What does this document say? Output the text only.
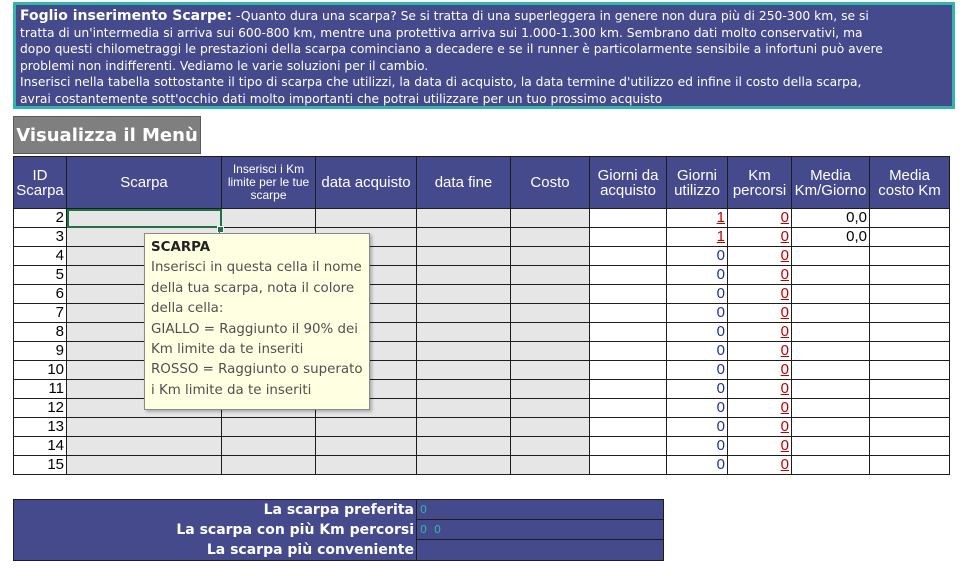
Foglio inserimento Scarpe: -Quanto dura una scarpa? Se si tratta di una superleggera in genere non dura più di 250-300 km, se si
tratta di un'intermedia si arriva sui 600-800 km, mentre una protettiva arriva sui 1.000-1.300 km. Sembrano dati molto conservativi, ma
dopo questi chilometraggi le prestazioni della scarpa cominciano a decadere e se il runner è particolarmente sensibile a infortuni può avere
problemi non indifferenti. Vediamo le varie soluzioni per il cambio.
Inserisci nella tabella sottostante il tipo di scarpa che utilizzi, la data di acquisto, la data termine d'utilizzo ed infine il costo della scarpa,
avrai costantemente sott'occhio dati molto importanti che potrai utilizzare per un tuo prossimo acquisto
Visualizza il Menù
ID Scarpa	Scarpa	Inserisci i Km limite per le tue scarpe	data acquisto	data fine	Costo	Giorni da acquisto	Giorni utilizzo	Km percorsi	Media Km/Giorno	Media costo Km
2							1	0	0,0	
3							1	0	0,0	
4							0	0		
5							0	0		
6							0	0		
7							0	0		
8							0	0		
9							0	0		
10							0	0		
11							0	0		
12							0	0		
13							0	0		
14							0	0		
15							0	0		
SCARPA
Inserisci in questa cella il nome
della tua scarpa, nota il colore
della cella:
GIALLO = Raggiunto il 90% dei
Km limite da te inseriti
ROSSO = Raggiunto o superato
i Km limite da te inseriti
La scarpa preferita 0
La scarpa con più Km percorsi 0  0
La scarpa più conveniente
